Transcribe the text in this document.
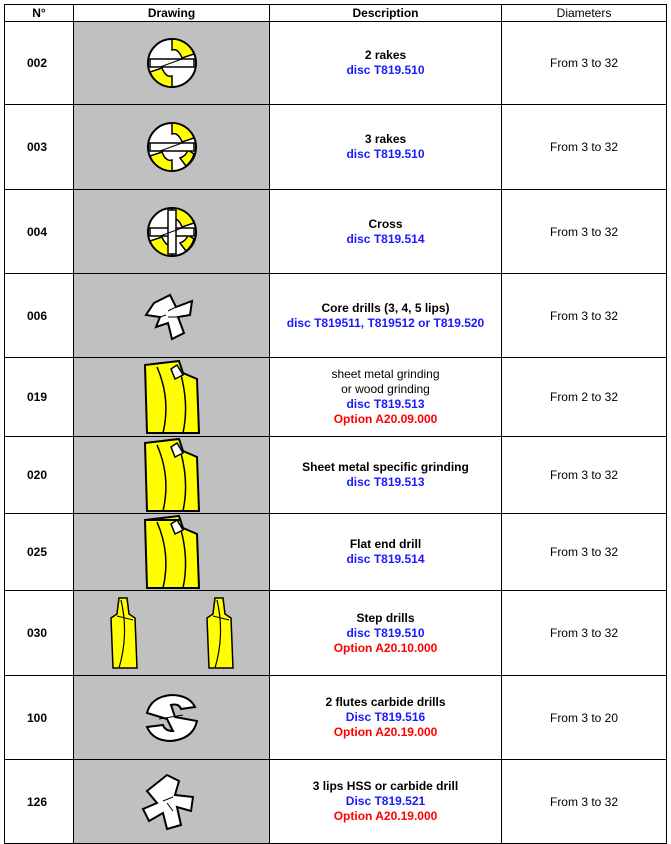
N°	Drawing	Description	Diameters
002		2 rakes
disc T819.510	From 3 to 32
003		3 rakes
disc T819.510	From 3 to 32
004		Cross
disc T819.514	From 3 to 32
006		Core drills (3, 4, 5 lips)
disc T819511, T819512 or T819.520	From 3 to 32
019		sheet metal grinding
or wood grinding
disc T819.513
Option A20.09.000	From 2 to 32
020		Sheet metal specific grinding
disc T819.513	From 3 to 32
025		Flat end drill
disc T819.514	From 3 to 32
030		Step drills
disc T819.510
Option A20.10.000	From 3 to 32
100		2 flutes carbide drills
Disc T819.516
Option A20.19.000	From 3 to 20
126		3 lips HSS or carbide drill
Disc T819.521
Option A20.19.000	From 3 to 32
